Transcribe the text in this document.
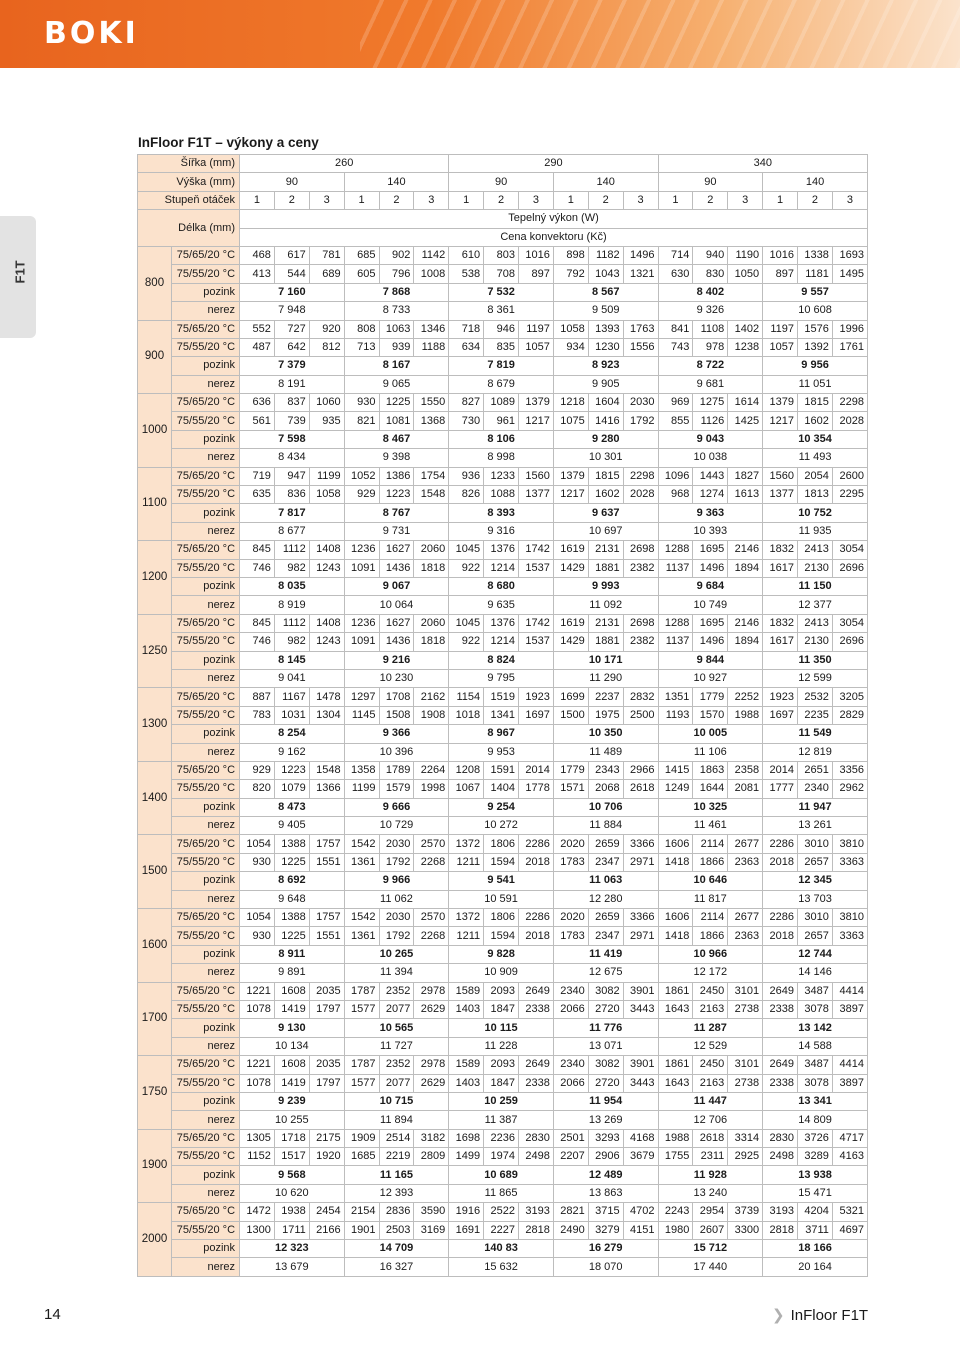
BOKI
F1T
InFloor F1T – výkony a ceny
Šířka (mm)		260						290						340					
Výška (mm)		90			140			90			140			90			140		
Stupeň otáček		1	2	3	1	2	3	1	2	3	1	2	3	1	2	3	1	2	3
Délka (mm)		Tepelný výkon (W)																	
		Cena konvektoru (Kč)																	
800	75/65/20 °C	468	617	781	685	902	1142	610	803	1016	898	1182	1496	714	940	1190	1016	1338	1693
	75/55/20 °C	413	544	689	605	796	1008	538	708	897	792	1043	1321	630	830	1050	897	1181	1495
	pozink	7 160			7 868			7 532			8 567			8 402			9 557		
	nerez	7 948			8 733			8 361			9 509			9 326			10 608		
900	75/65/20 °C	552	727	920	808	1063	1346	718	946	1197	1058	1393	1763	841	1108	1402	1197	1576	1996
	75/55/20 °C	487	642	812	713	939	1188	634	835	1057	934	1230	1556	743	978	1238	1057	1392	1761
	pozink	7 379			8 167			7 819			8 923			8 722			9 956		
	nerez	8 191			9 065			8 679			9 905			9 681			11 051		
1000	75/65/20 °C	636	837	1060	930	1225	1550	827	1089	1379	1218	1604	2030	969	1275	1614	1379	1815	2298
	75/55/20 °C	561	739	935	821	1081	1368	730	961	1217	1075	1416	1792	855	1126	1425	1217	1602	2028
	pozink	7 598			8 467			8 106			9 280			9 043			10 354		
	nerez	8 434			9 398			8 998			10 301			10 038			11 493		
1100	75/65/20 °C	719	947	1199	1052	1386	1754	936	1233	1560	1379	1815	2298	1096	1443	1827	1560	2054	2600
	75/55/20 °C	635	836	1058	929	1223	1548	826	1088	1377	1217	1602	2028	968	1274	1613	1377	1813	2295
	pozink	7 817			8 767			8 393			9 637			9 363			10 752		
	nerez	8 677			9 731			9 316			10 697			10 393			11 935		
1200	75/65/20 °C	845	1112	1408	1236	1627	2060	1045	1376	1742	1619	2131	2698	1288	1695	2146	1832	2413	3054
	75/55/20 °C	746	982	1243	1091	1436	1818	922	1214	1537	1429	1881	2382	1137	1496	1894	1617	2130	2696
	pozink	8 035			9 067			8 680			9 993			9 684			11 150		
	nerez	8 919			10 064			9 635			11 092			10 749			12 377		
1250	75/65/20 °C	845	1112	1408	1236	1627	2060	1045	1376	1742	1619	2131	2698	1288	1695	2146	1832	2413	3054
	75/55/20 °C	746	982	1243	1091	1436	1818	922	1214	1537	1429	1881	2382	1137	1496	1894	1617	2130	2696
	pozink	8 145			9 216			8 824			10 171			9 844			11 350		
	nerez	9 041			10 230			9 795			11 290			10 927			12 599		
1300	75/65/20 °C	887	1167	1478	1297	1708	2162	1154	1519	1923	1699	2237	2832	1351	1779	2252	1923	2532	3205
	75/55/20 °C	783	1031	1304	1145	1508	1908	1018	1341	1697	1500	1975	2500	1193	1570	1988	1697	2235	2829
	pozink	8 254			9 366			8 967			10 350			10 005			11 549		
	nerez	9 162			10 396			9 953			11 489			11 106			12 819		
1400	75/65/20 °C	929	1223	1548	1358	1789	2264	1208	1591	2014	1779	2343	2966	1415	1863	2358	2014	2651	3356
	75/55/20 °C	820	1079	1366	1199	1579	1998	1067	1404	1778	1571	2068	2618	1249	1644	2081	1777	2340	2962
	pozink	8 473			9 666			9 254			10 706			10 325			11 947		
	nerez	9 405			10 729			10 272			11 884			11 461			13 261		
1500	75/65/20 °C	1054	1388	1757	1542	2030	2570	1372	1806	2286	2020	2659	3366	1606	2114	2677	2286	3010	3810
	75/55/20 °C	930	1225	1551	1361	1792	2268	1211	1594	2018	1783	2347	2971	1418	1866	2363	2018	2657	3363
	pozink	8 692			9 966			9 541			11 063			10 646			12 345		
	nerez	9 648			11 062			10 591			12 280			11 817			13 703		
1600	75/65/20 °C	1054	1388	1757	1542	2030	2570	1372	1806	2286	2020	2659	3366	1606	2114	2677	2286	3010	3810
	75/55/20 °C	930	1225	1551	1361	1792	2268	1211	1594	2018	1783	2347	2971	1418	1866	2363	2018	2657	3363
	pozink	8 911			10 265			9 828			11 419			10 966			12 744		
	nerez	9 891			11 394			10 909			12 675			12 172			14 146		
1700	75/65/20 °C	1221	1608	2035	1787	2352	2978	1589	2093	2649	2340	3082	3901	1861	2450	3101	2649	3487	4414
	75/55/20 °C	1078	1419	1797	1577	2077	2629	1403	1847	2338	2066	2720	3443	1643	2163	2738	2338	3078	3897
	pozink	9 130			10 565			10 115			11 776			11 287			13 142		
	nerez	10 134			11 727			11 228			13 071			12 529			14 588		
1750	75/65/20 °C	1221	1608	2035	1787	2352	2978	1589	2093	2649	2340	3082	3901	1861	2450	3101	2649	3487	4414
	75/55/20 °C	1078	1419	1797	1577	2077	2629	1403	1847	2338	2066	2720	3443	1643	2163	2738	2338	3078	3897
	pozink	9 239			10 715			10 259			11 954			11 447			13 341		
	nerez	10 255			11 894			11 387			13 269			12 706			14 809		
1900	75/65/20 °C	1305	1718	2175	1909	2514	3182	1698	2236	2830	2501	3293	4168	1988	2618	3314	2830	3726	4717
	75/55/20 °C	1152	1517	1920	1685	2219	2809	1499	1974	2498	2207	2906	3679	1755	2311	2925	2498	3289	4163
	pozink	9 568			11 165			10 689			12 489			11 928			13 938		
	nerez	10 620			12 393			11 865			13 863			13 240			15 471		
2000	75/65/20 °C	1472	1938	2454	2154	2836	3590	1916	2522	3193	2821	3715	4702	2243	2954	3739	3193	4204	5321
	75/55/20 °C	1300	1711	2166	1901	2503	3169	1691	2227	2818	2490	3279	4151	1980	2607	3300	2818	3711	4697
	pozink	12 323			14 709			140 83			16 279			15 712			18 166		
	nerez	13 679			16 327			15 632			18 070			17 440			20 164		
14	❯ InFloor F1T
